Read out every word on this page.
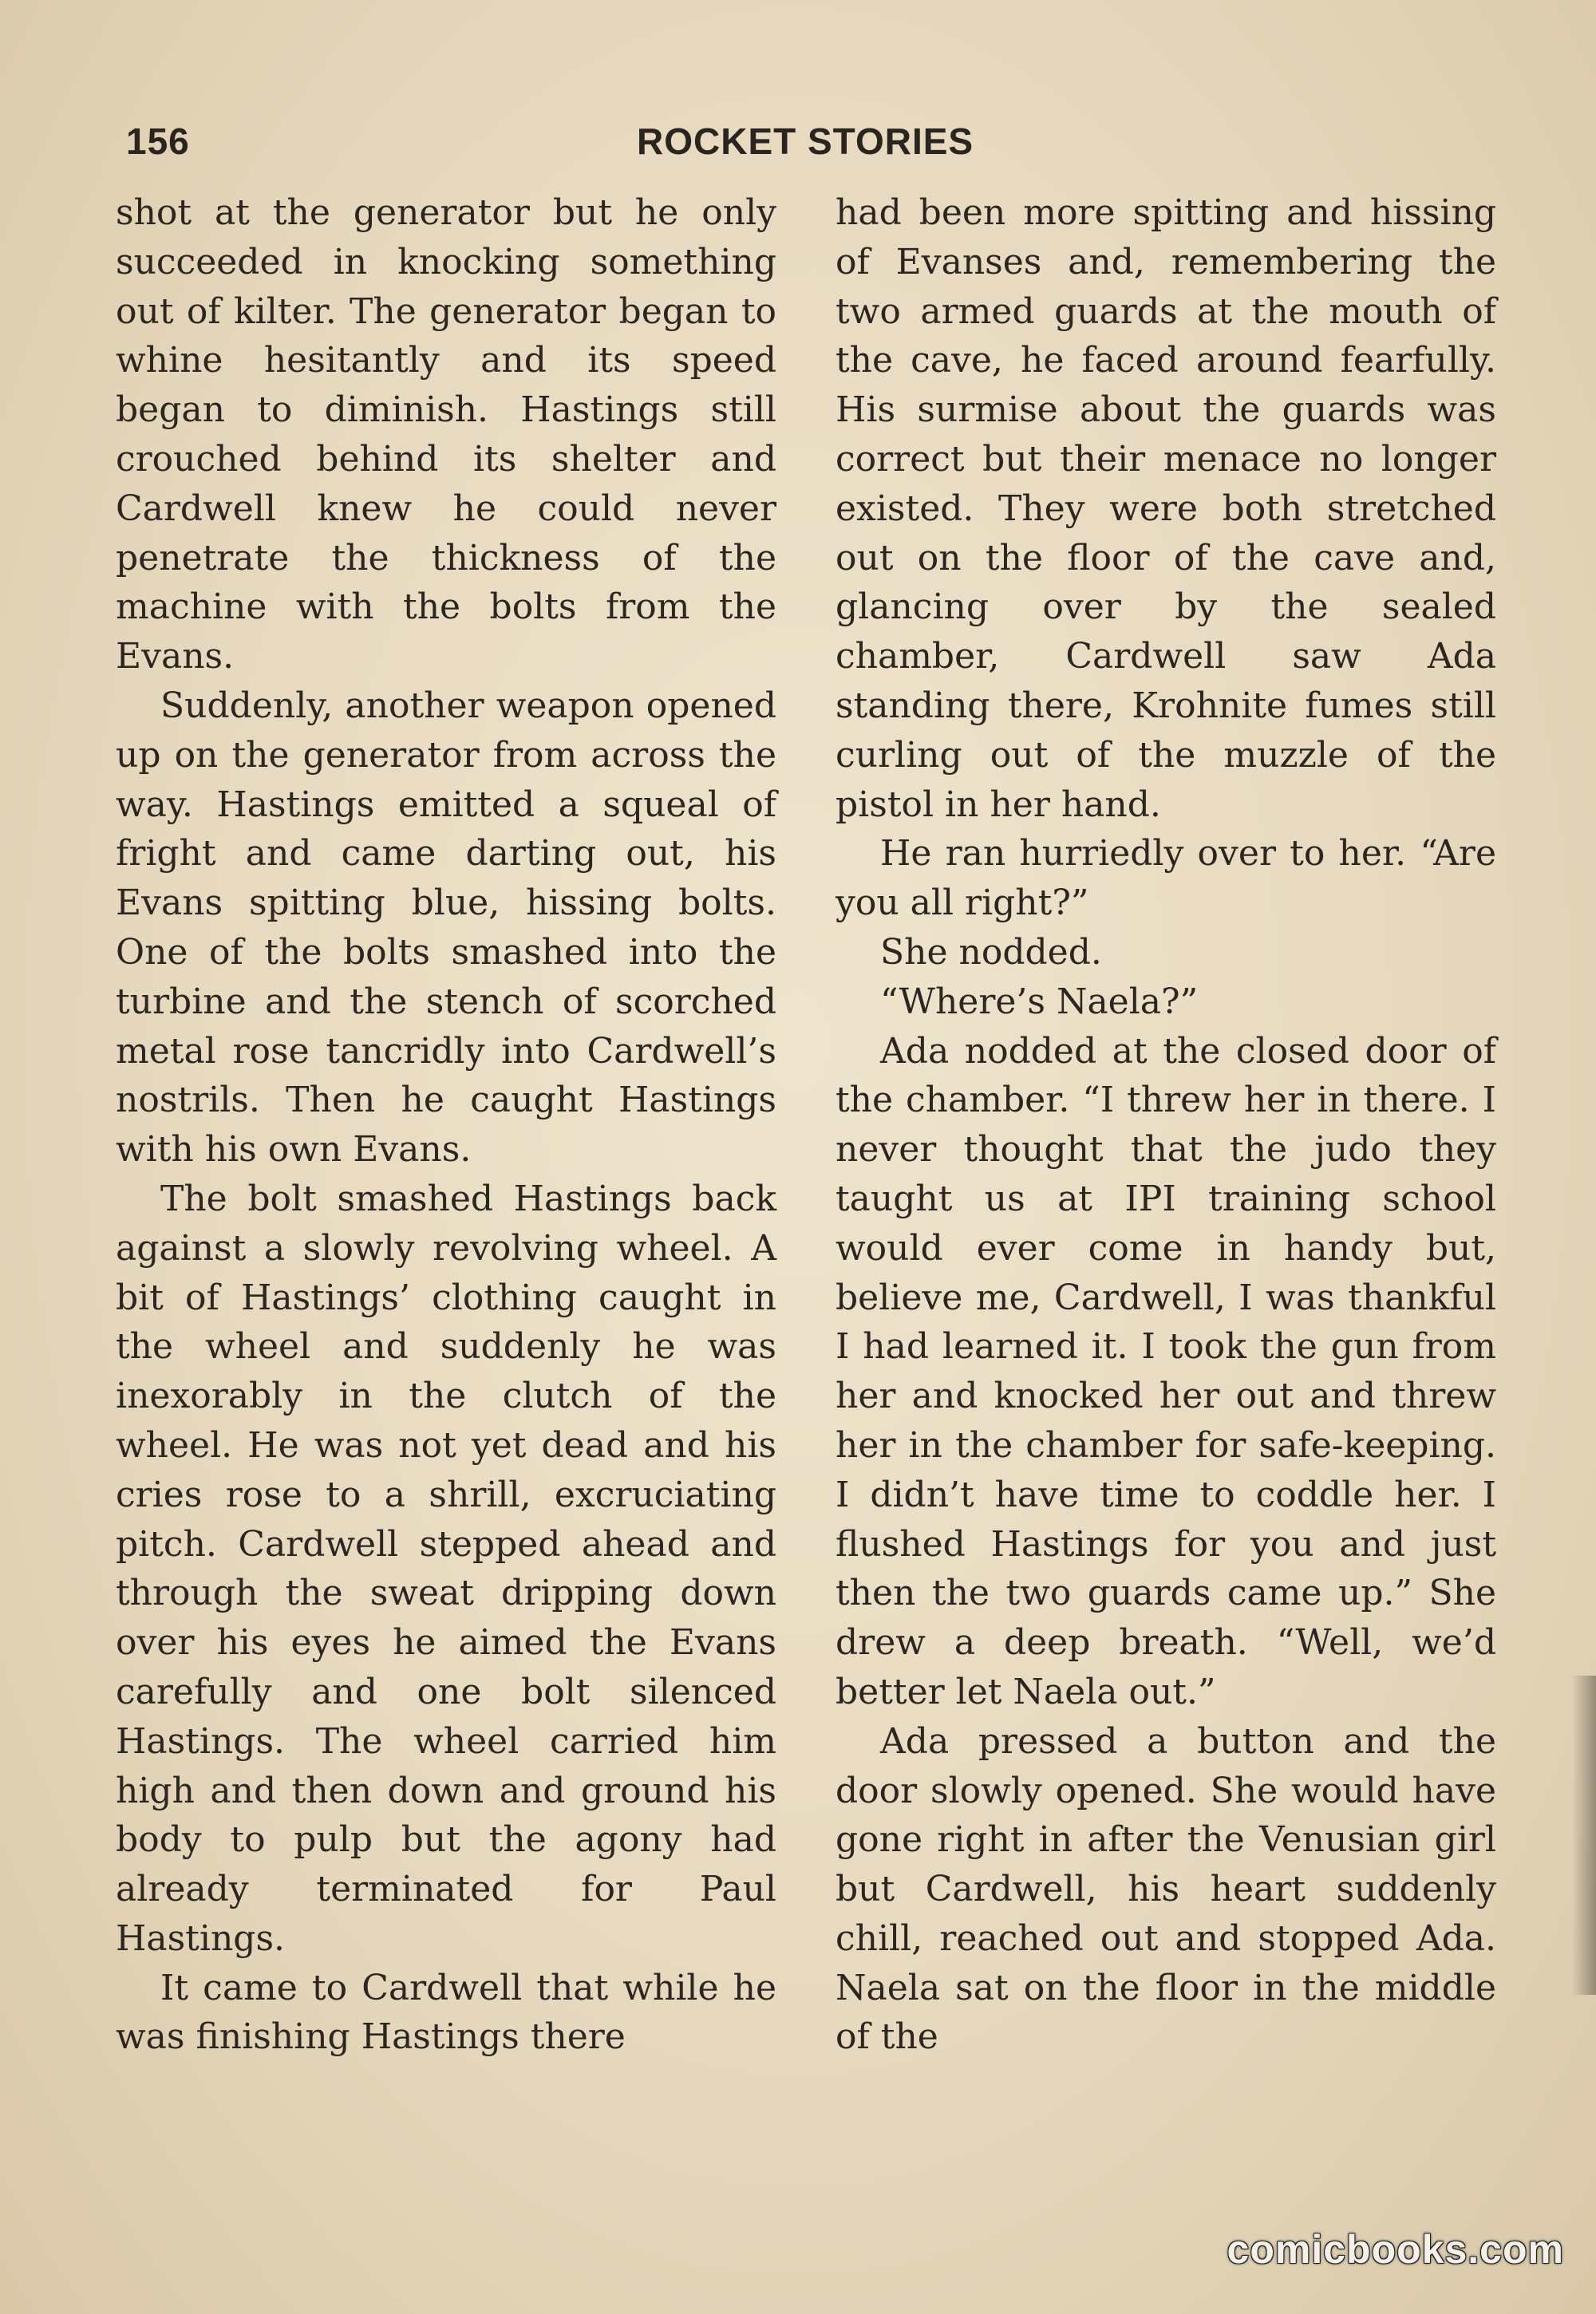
156	ROCKET STORIES

shot at the generator but he only succeeded in knocking something out of kilter. The generator began to whine hesitantly and its speed began to diminish. Hastings still crouched behind its shelter and Cardwell knew he could never penetrate the thickness of the machine with the bolts from the Evans.

Suddenly, another weapon opened up on the generator from across the way. Hastings emitted a squeal of fright and came darting out, his Evans spitting blue, hissing bolts. One of the bolts smashed into the turbine and the stench of scorched metal rose tancridly into Cardwell’s nostrils. Then he caught Hastings with his own Evans.

The bolt smashed Hastings back against a slowly revolving wheel. A bit of Hastings’ clothing caught in the wheel and suddenly he was inexorably in the clutch of the wheel. He was not yet dead and his cries rose to a shrill, excruciating pitch. Cardwell stepped ahead and through the sweat dripping down over his eyes he aimed the Evans carefully and one bolt silenced Hastings. The wheel carried him high and then down and ground his body to pulp but the agony had already terminated for Paul Hastings.

It came to Cardwell that while he was finishing Hastings there

had been more spitting and hissing of Evanses and, remembering the two armed guards at the mouth of the cave, he faced around fearfully. His surmise about the guards was correct but their menace no longer existed. They were both stretched out on the floor of the cave and, glancing over by the sealed chamber, Cardwell saw Ada standing there, Krohnite fumes still curling out of the muzzle of the pistol in her hand.

He ran hurriedly over to her. “Are you all right?”

She nodded.

“Where’s Naela?”

Ada nodded at the closed door of the chamber. “I threw her in there. I never thought that the judo they taught us at IPI training school would ever come in handy but, believe me, Cardwell, I was thankful I had learned it. I took the gun from her and knocked her out and threw her in the chamber for safe-keeping. I didn’t have time to coddle her. I flushed Hastings for you and just then the two guards came up.” She drew a deep breath. “Well, we’d better let Naela out.”

Ada pressed a button and the door slowly opened. She would have gone right in after the Venusian girl but Cardwell, his heart suddenly chill, reached out and stopped Ada. Naela sat on the floor in the middle of the

comicbooks.com
